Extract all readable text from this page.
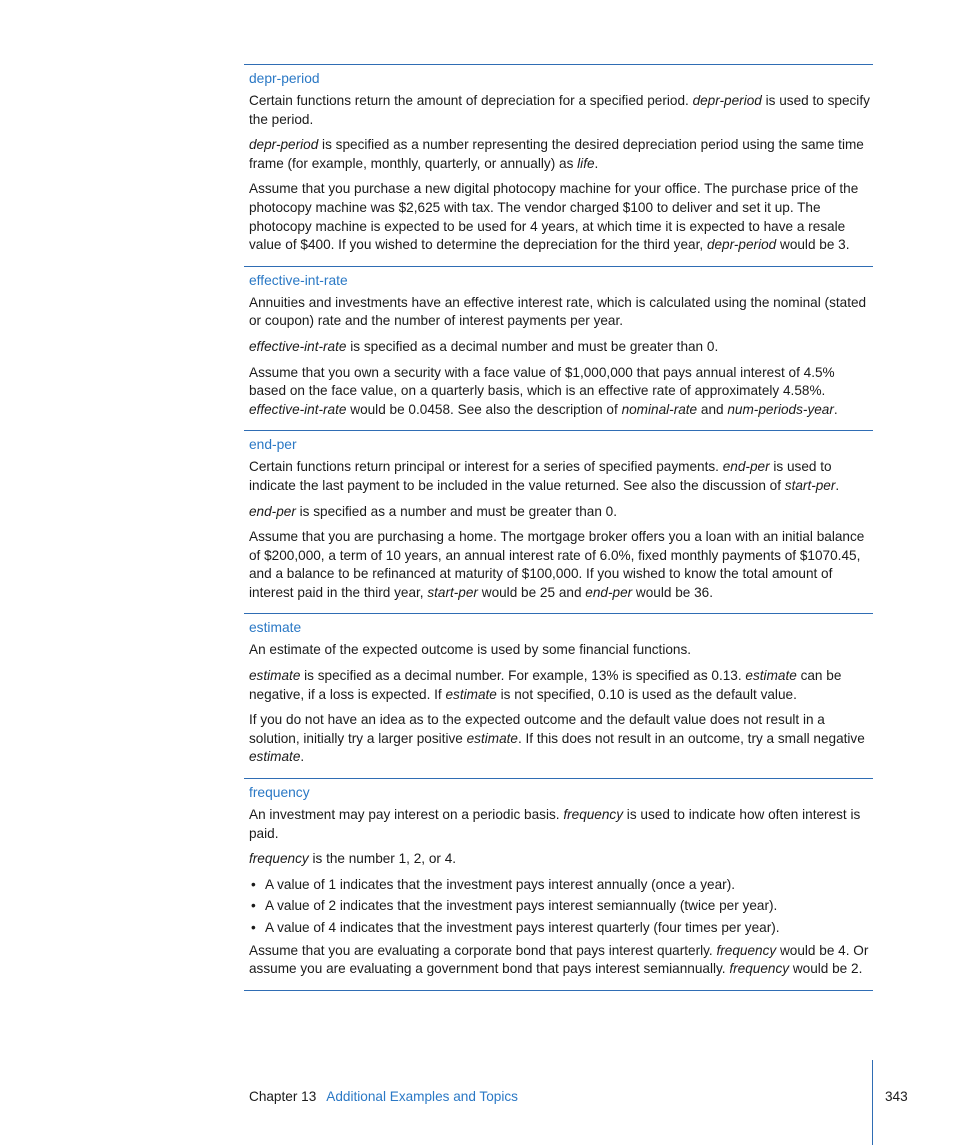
depr-period

Certain functions return the amount of depreciation for a specified period. depr-period is used to specify the period.

depr-period is specified as a number representing the desired depreciation period using the same time frame (for example, monthly, quarterly, or annually) as life.

Assume that you purchase a new digital photocopy machine for your office. The purchase price of the photocopy machine was $2,625 with tax. The vendor charged $100 to deliver and set it up. The photocopy machine is expected to be used for 4 years, at which time it is expected to have a resale value of $400. If you wished to determine the depreciation for the third year, depr-period would be 3.

effective-int-rate

Annuities and investments have an effective interest rate, which is calculated using the nominal (stated or coupon) rate and the number of interest payments per year.

effective-int-rate is specified as a decimal number and must be greater than 0.

Assume that you own a security with a face value of $1,000,000 that pays annual interest of 4.5% based on the face value, on a quarterly basis, which is an effective rate of approximately 4.58%. effective-int-rate would be 0.0458. See also the description of nominal-rate and num-periods-year.

end-per

Certain functions return principal or interest for a series of specified payments. end-per is used to indicate the last payment to be included in the value returned. See also the discussion of start-per.

end-per is specified as a number and must be greater than 0.

Assume that you are purchasing a home. The mortgage broker offers you a loan with an initial balance of $200,000, a term of 10 years, an annual interest rate of 6.0%, fixed monthly payments of $1070.45, and a balance to be refinanced at maturity of $100,000. If you wished to know the total amount of interest paid in the third year, start-per would be 25 and end-per would be 36.

estimate

An estimate of the expected outcome is used by some financial functions.

estimate is specified as a decimal number. For example, 13% is specified as 0.13. estimate can be negative, if a loss is expected. If estimate is not specified, 0.10 is used as the default value.

If you do not have an idea as to the expected outcome and the default value does not result in a solution, initially try a larger positive estimate. If this does not result in an outcome, try a small negative estimate.

frequency

An investment may pay interest on a periodic basis. frequency is used to indicate how often interest is paid.

frequency is the number 1, 2, or 4.

• A value of 1 indicates that the investment pays interest annually (once a year).
• A value of 2 indicates that the investment pays interest semiannually (twice per year).
• A value of 4 indicates that the investment pays interest quarterly (four times per year).

Assume that you are evaluating a corporate bond that pays interest quarterly. frequency would be 4. Or assume you are evaluating a government bond that pays interest semiannually. frequency would be 2.

Chapter 13 Additional Examples and Topics	343
